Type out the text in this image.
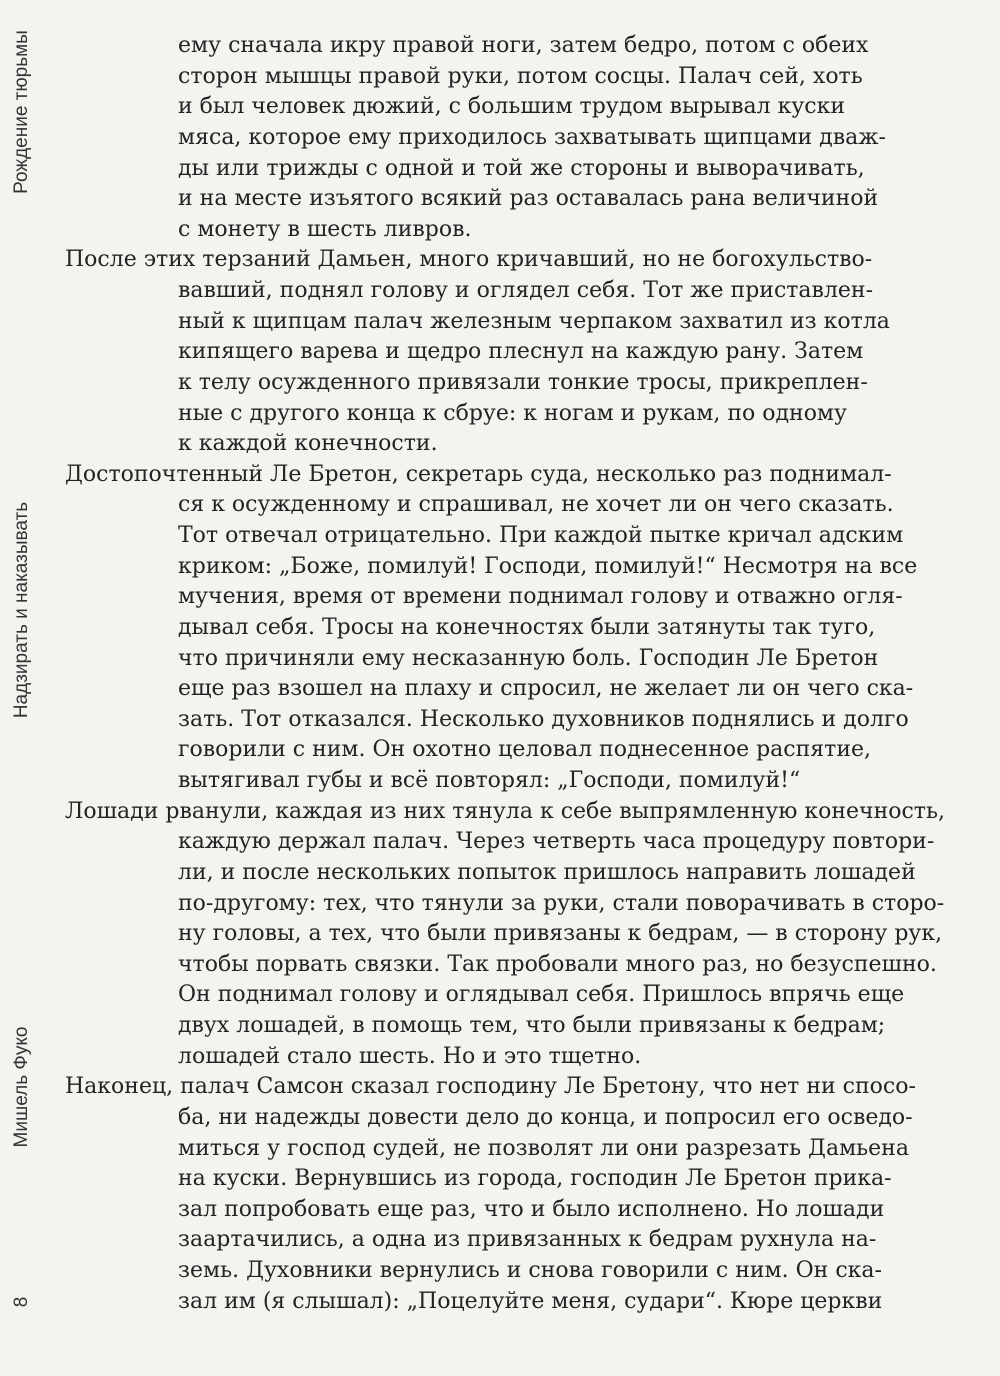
Рождение тюрьмы
Надзирать и наказывать
Мишель Фуко
8
ему сначала икру правой ноги, затем бедро, потом с обеих
сторон мышцы правой руки, потом сосцы. Палач сей, хоть
и был человек дюжий, с большим трудом вырывал куски
мяса, которое ему приходилось захватывать щипцами дваж-
ды или трижды с одной и той же стороны и выворачивать,
и на месте изъятого всякий раз оставалась рана величиной
с монету в шесть ливров.
После этих терзаний Дамьен, много кричавший, но не богохульство-
вавший, поднял голову и оглядел себя. Тот же приставлен-
ный к щипцам палач железным черпаком захватил из котла
кипящего варева и щедро плеснул на каждую рану. Затем
к телу осужденного привязали тонкие тросы, прикреплен-
ные с другого конца к сбруе: к ногам и рукам, по одному
к каждой конечности.
Достопочтенный Ле Бретон, секретарь суда, несколько раз поднимал-
ся к осужденному и спрашивал, не хочет ли он чего сказать.
Тот отвечал отрицательно. При каждой пытке кричал адским
криком: „Боже, помилуй! Господи, помилуй!“ Несмотря на все
мучения, время от времени поднимал голову и отважно огля-
дывал себя. Тросы на конечностях были затянуты так туго,
что причиняли ему несказанную боль. Господин Ле Бретон
еще раз взошел на плаху и спросил, не желает ли он чего ска-
зать. Тот отказался. Несколько духовников поднялись и долго
говорили с ним. Он охотно целовал поднесенное распятие,
вытягивал губы и всё повторял: „Господи, помилуй!“
Лошади рванули, каждая из них тянула к себе выпрямленную конечность,
каждую держал палач. Через четверть часа процедуру повтори-
ли, и после нескольких попыток пришлось направить лошадей
по-другому: тех, что тянули за руки, стали поворачивать в сторо-
ну головы, а тех, что были привязаны к бедрам, — в сторону рук,
чтобы порвать связки. Так пробовали много раз, но безуспешно.
Он поднимал голову и оглядывал себя. Пришлось впрячь еще
двух лошадей, в помощь тем, что были привязаны к бедрам;
лошадей стало шесть. Но и это тщетно.
Наконец, палач Самсон сказал господину Ле Бретону, что нет ни спосо-
ба, ни надежды довести дело до конца, и попросил его осведо-
миться у господ судей, не позволят ли они разрезать Дамьена
на куски. Вернувшись из города, господин Ле Бретон прика-
зал попробовать еще раз, что и было исполнено. Но лошади
заартачились, а одна из привязанных к бедрам рухнула на-
земь. Духовники вернулись и снова говорили с ним. Он ска-
зал им (я слышал): „Поцелуйте меня, судари“. Кюре церкви
